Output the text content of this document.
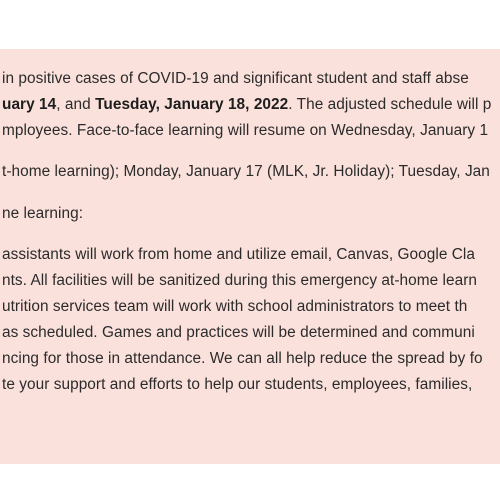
in positive cases of COVID-19 and significant student and staff abse
uary 14, and Tuesday, January 18, 2022. The adjusted schedule will p
mployees. Face-to-face learning will resume on Wednesday, January 1
t-home learning); Monday, January 17 (MLK, Jr. Holiday); Tuesday, Jan
ne learning:
assistants will work from home and utilize email, Canvas, Google Cla
nts. All facilities will be sanitized during this emergency at-home learn
utrition services team will work with school administrators to meet th
as scheduled. Games and practices will be determined and communi
ncing for those in attendance. We can all help reduce the spread by fo
te your support and efforts to help our students, employees, families,
